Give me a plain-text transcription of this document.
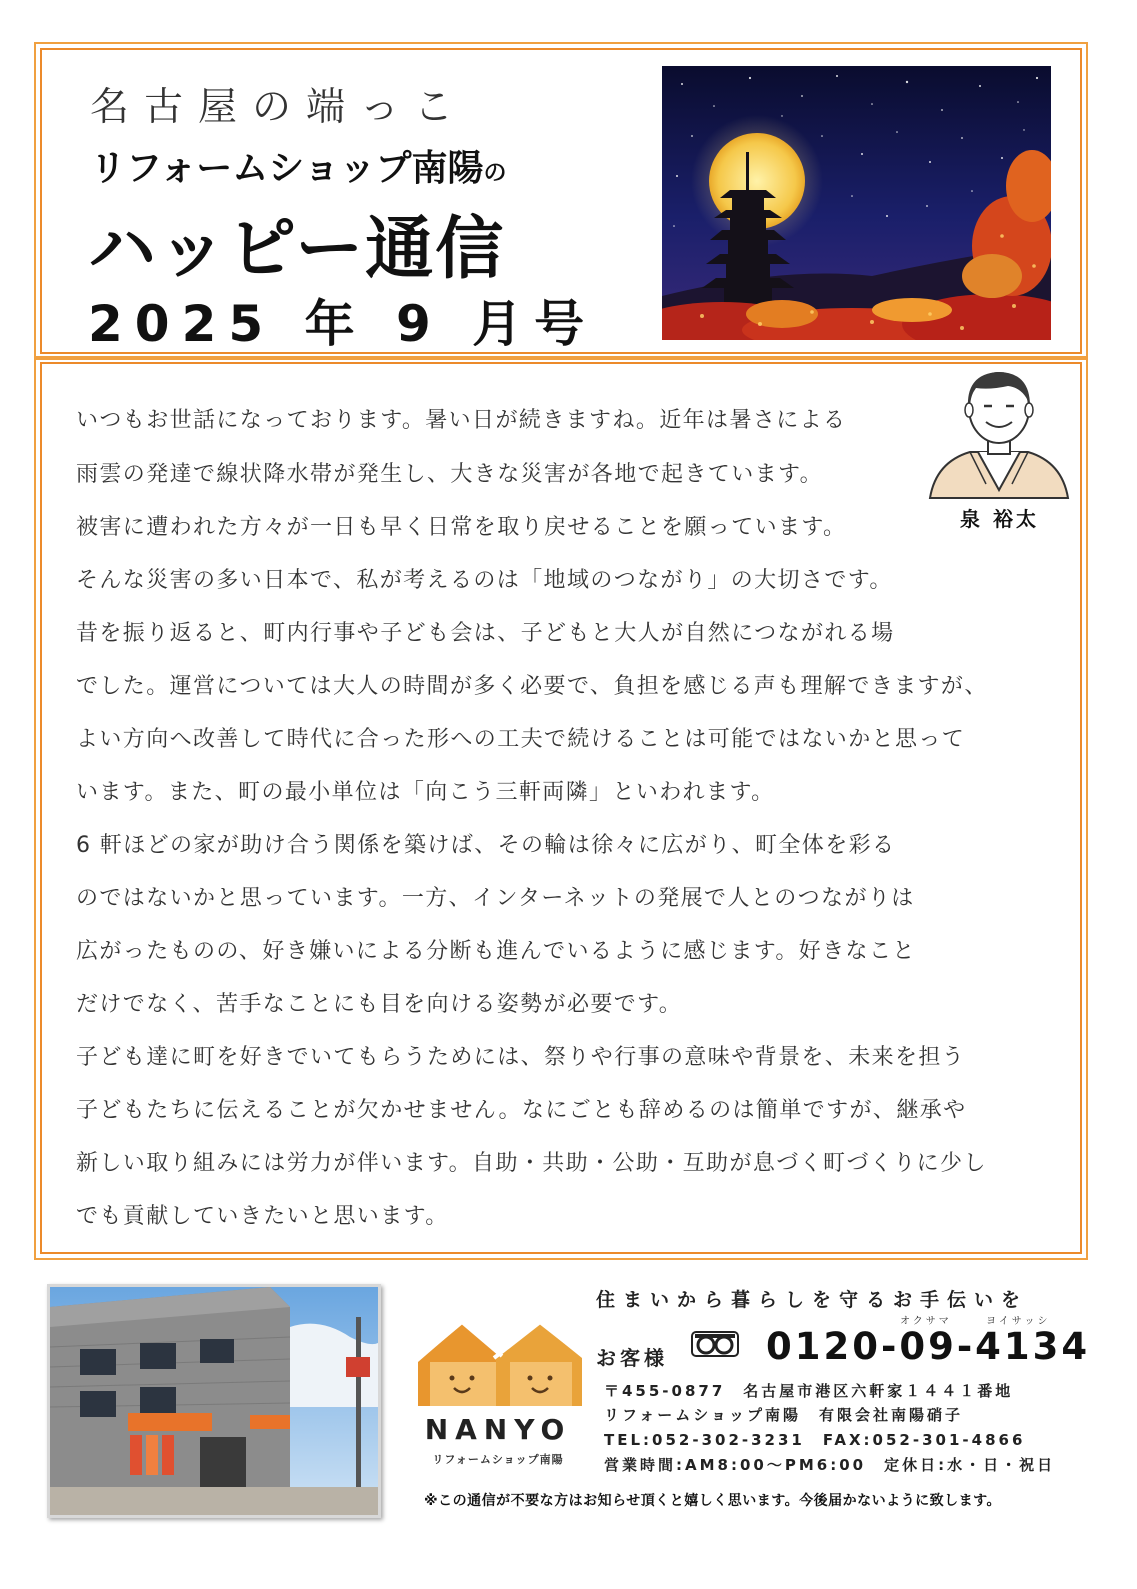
名古屋の端っこ
リフォームショップ南陽の
ハッピー通信
2025 年 9 月号
泉 裕太
いつもお世話になっております。暑い日が続きますね。近年は暑さによる
雨雲の発達で線状降水帯が発生し、大きな災害が各地で起きています。
被害に遭われた方々が一日も早く日常を取り戻せることを願っています。
そんな災害の多い日本で、私が考えるのは「地域のつながり」の大切さです。
昔を振り返ると、町内行事や子ども会は、子どもと大人が自然につながれる場
でした。運営については大人の時間が多く必要で、負担を感じる声も理解できますが、
よい方向へ改善して時代に合った形への工夫で続けることは可能ではないかと思って
います。また、町の最小単位は「向こう三軒両隣」といわれます。
6 軒ほどの家が助け合う関係を築けば、その輪は徐々に広がり、町全体を彩る
のではないかと思っています。一方、インターネットの発展で人とのつながりは
広がったものの、好き嫌いによる分断も進んでいるように感じます。好きなこと
だけでなく、苦手なことにも目を向ける姿勢が必要です。
子ども達に町を好きでいてもらうためには、祭りや行事の意味や背景を、未来を担う
子どもたちに伝えることが欠かせません。なにごとも辞めるのは簡単ですが、継承や
新しい取り組みには労力が伴います。自助・共助・公助・互助が息づく町づくりに少し
でも貢献していきたいと思います。
NANYO
リフォームショップ南陽
住まいから暮らしを守るお手伝いを
オクサマ	ヨイサッシ
お客様	0120-09-4134
〒455-0877　名古屋市港区六軒家１４４１番地
リフォームショップ南陽　有限会社南陽硝子
TEL:052-302-3231　FAX:052-301-4866
営業時間:AM8:00～PM6:00　定休日:水・日・祝日
※この通信が不要な方はお知らせ頂くと嬉しく思います。今後届かないように致します。
